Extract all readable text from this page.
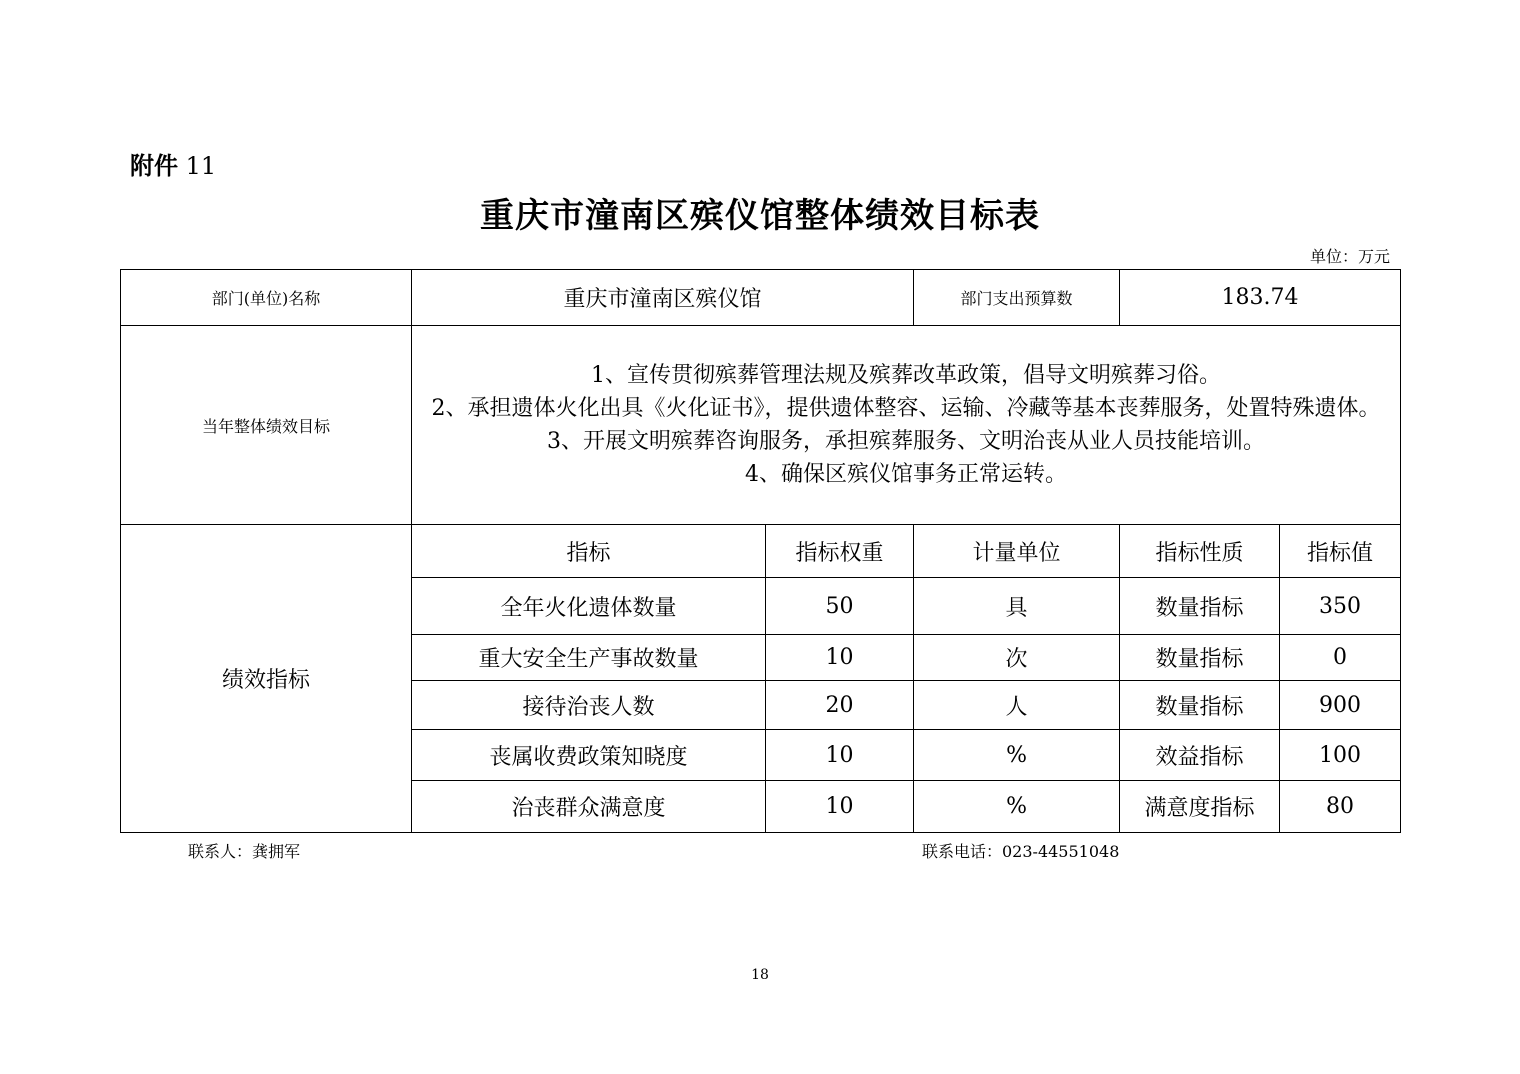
附件 11
重庆市潼南区殡仪馆整体绩效目标表
单位：万元
部门(单位)名称	重庆市潼南区殡仪馆		部门支出预算数	183.74	
当年整体绩效目标	1、宣传贯彻殡葬管理法规及殡葬改革政策，倡导文明殡葬习俗。
2、承担遗体火化出具《火化证书》，提供遗体整容、运输、冷藏等基本丧葬服务，处置特殊遗体。
3、开展文明殡葬咨询服务，承担殡葬服务、文明治丧从业人员技能培训。
4、确保区殡仪馆事务正常运转。				

绩效指标	指标	指标权重	计量单位	指标性质	指标值
	全年火化遗体数量	50	具	数量指标	350
	重大安全生产事故数量	10	次	数量指标	0
	接待治丧人数	20	人	数量指标	900
	丧属收费政策知晓度	10	%	效益指标	100
	治丧群众满意度	10	%	满意度指标	80
联系人：龚拥军	联系电话：023-44551048
18
